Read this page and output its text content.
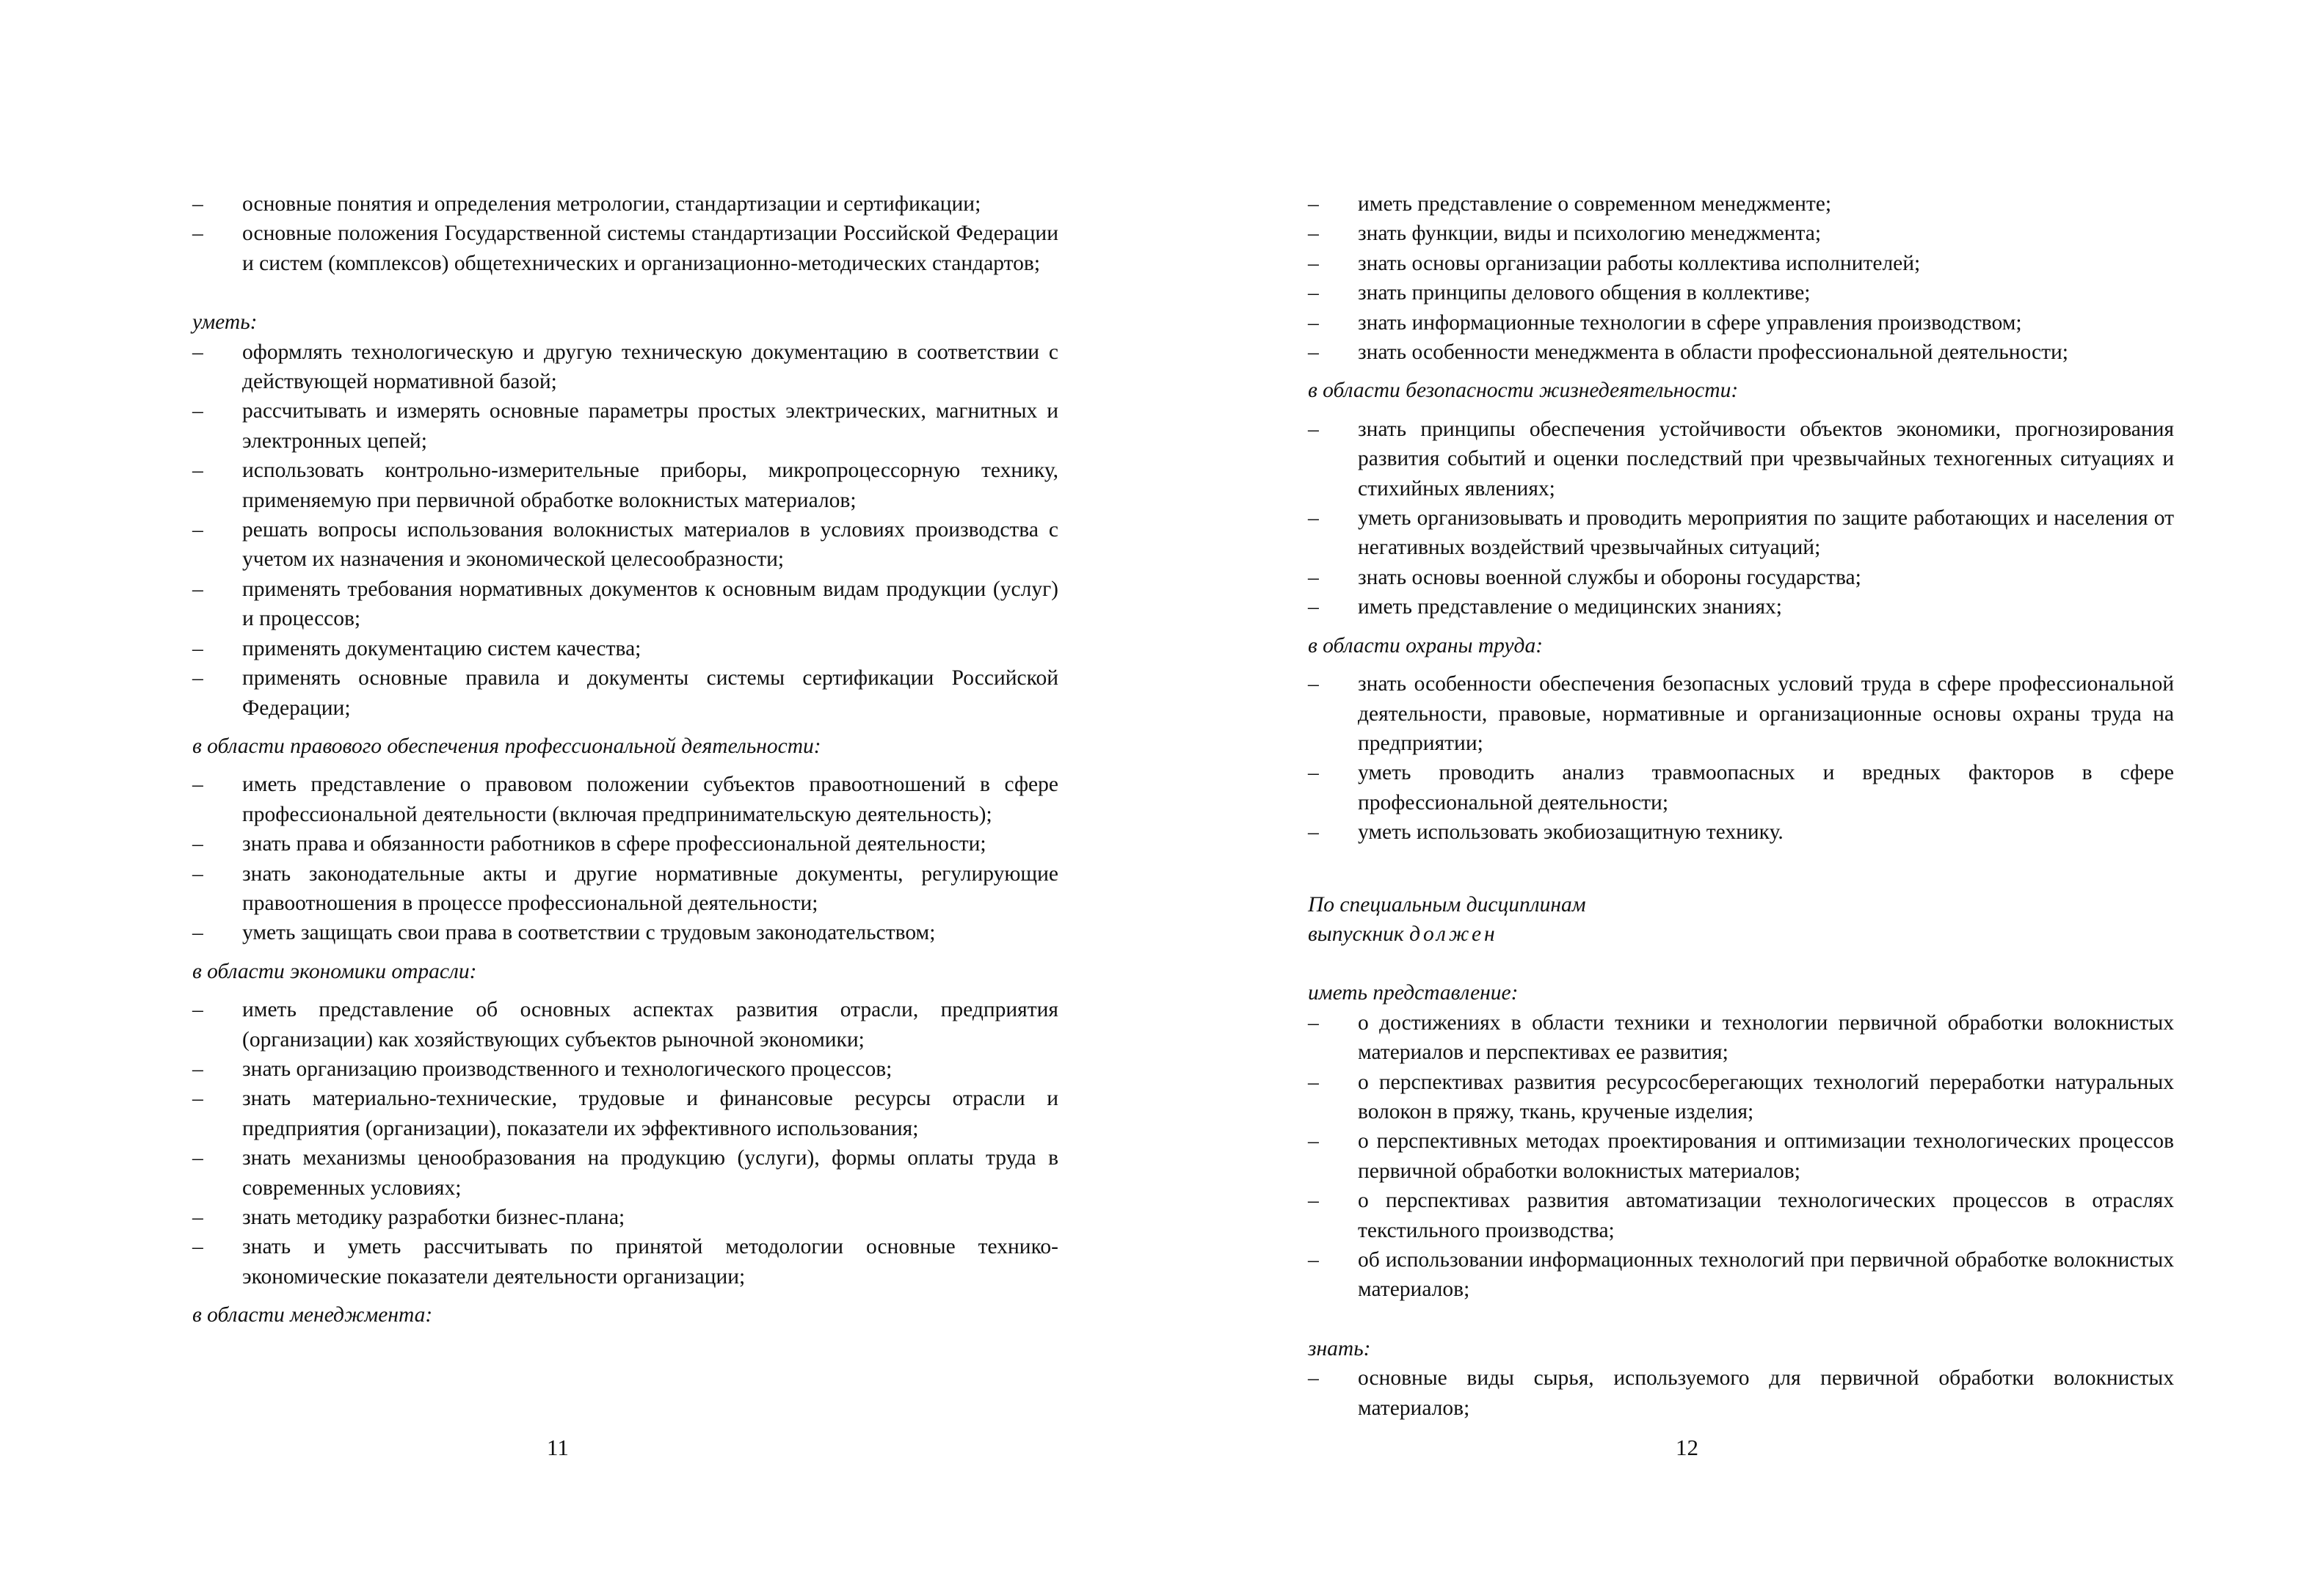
– основные понятия и определения метрологии, стандартизации и сертификации;
– основные положения Государственной системы стандартизации Российской Федерации и систем (комплексов) общетехнических и организационно-методических стандартов;
уметь:
– оформлять технологическую и другую техническую документацию в соответствии с действующей нормативной базой;
– рассчитывать и измерять основные параметры простых электрических, магнитных и электронных цепей;
– использовать контрольно-измерительные приборы, микропроцессорную технику, применяемую при первичной обработке волокнистых материалов;
– решать вопросы использования волокнистых материалов в условиях производства с учетом их назначения и экономической целесообразности;
– применять требования нормативных документов к основным видам продукции (услуг) и процессов;
– применять документацию систем качества;
– применять основные правила и документы системы сертификации Российской Федерации;
в области правового обеспечения профессиональной деятельности:
– иметь представление о правовом положении субъектов правоотношений в сфере профессиональной деятельности (включая предпринимательскую деятельность);
– знать права и обязанности работников в сфере профессиональной деятельности;
– знать законодательные акты и другие нормативные документы, регулирующие правоотношения в процессе профессиональной деятельности;
– уметь защищать свои права в соответствии с трудовым законодательством;
в области экономики отрасли:
– иметь представление об основных аспектах развития отрасли, предприятия (организации) как хозяйствующих субъектов рыночной экономики;
– знать организацию производственного и технологического процессов;
– знать материально-технические, трудовые и финансовые ресурсы отрасли и предприятия (организации), показатели их эффективного использования;
– знать механизмы ценообразования на продукцию (услуги), формы оплаты труда в современных условиях;
– знать методику разработки бизнес-плана;
– знать и уметь рассчитывать по принятой методологии основные технико-экономические показатели деятельности организации;
в области менеджмента:
– иметь представление о современном менеджменте;
– знать функции, виды и психологию менеджмента;
– знать основы организации работы коллектива исполнителей;
– знать принципы делового общения в коллективе;
– знать информационные технологии в сфере управления производством;
– знать особенности менеджмента в области профессиональной деятельности;
в области безопасности жизнедеятельности:
– знать принципы обеспечения устойчивости объектов экономики, прогнозирования развития событий и оценки последствий при чрезвычайных техногенных ситуациях и стихийных явлениях;
– уметь организовывать и проводить мероприятия по защите работающих и населения от негативных воздействий чрезвычайных ситуаций;
– знать основы военной службы и обороны государства;
– иметь представление о медицинских знаниях;
в области охраны труда:
– знать особенности обеспечения безопасных условий труда в сфере профессиональной деятельности, правовые, нормативные и организационные основы охраны труда на предприятии;
– уметь проводить анализ травмоопасных и вредных факторов в сфере профессиональной деятельности;
– уметь использовать экобиозащитную технику.
По специальным дисциплинам
выпускник должен
иметь представление:
– о достижениях в области техники и технологии первичной обработки волокнистых материалов и перспективах ее развития;
– о перспективах развития ресурсосберегающих технологий переработки натуральных волокон в пряжу, ткань, крученые изделия;
– о перспективных методах проектирования и оптимизации технологических процессов первичной обработки волокнистых материалов;
– о перспективах развития автоматизации технологических процессов в отраслях текстильного производства;
– об использовании информационных технологий при первичной обработке волокнистых материалов;
знать:
– основные виды сырья, используемого для первичной обработки волокнистых материалов;
11	12
